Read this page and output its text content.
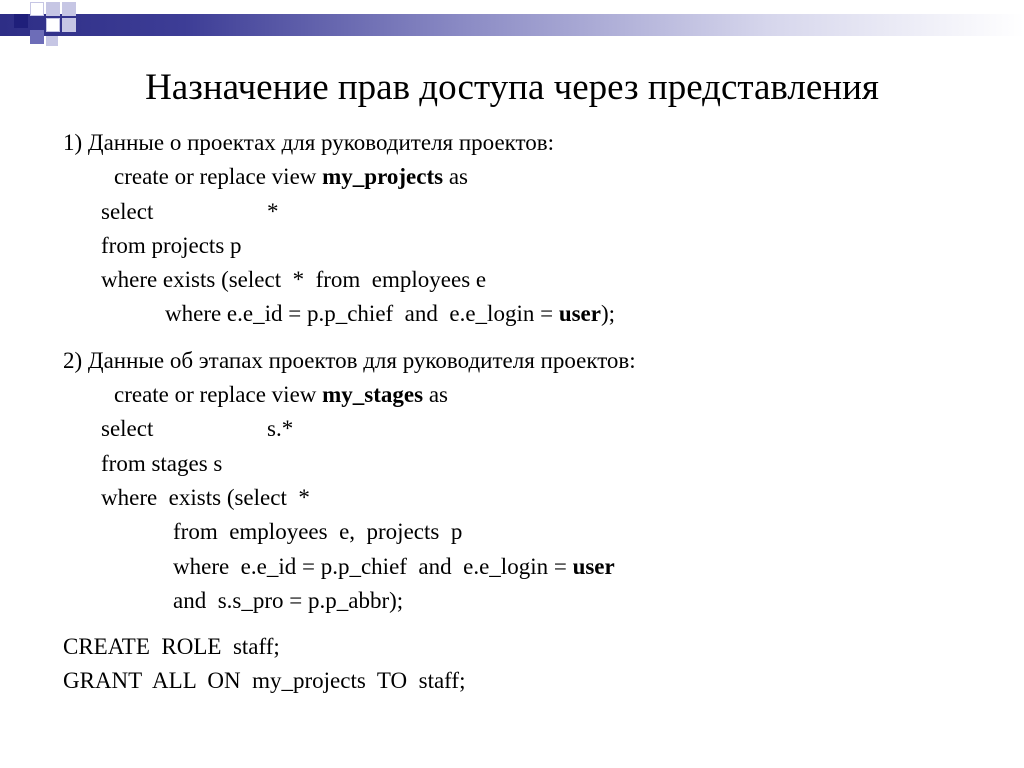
Назначение прав доступа через представления
1) Данные о проектах для руководителя проектов:
create or replace view my_projects as
select	*
from projects p
where exists (select  *  from  employees e
where e.e_id = p.p_chief  and  e.e_login = user);
2) Данные об этапах проектов для руководителя проектов:
create or replace view my_stages as
select	s.*
from stages s
where  exists (select  *
from  employees  e,  projects  p
where  e.e_id = p.p_chief  and  e.e_login = user
and  s.s_pro = p.p_abbr);
CREATE  ROLE  staff;
GRANT  ALL  ON  my_projects  TO  staff;
